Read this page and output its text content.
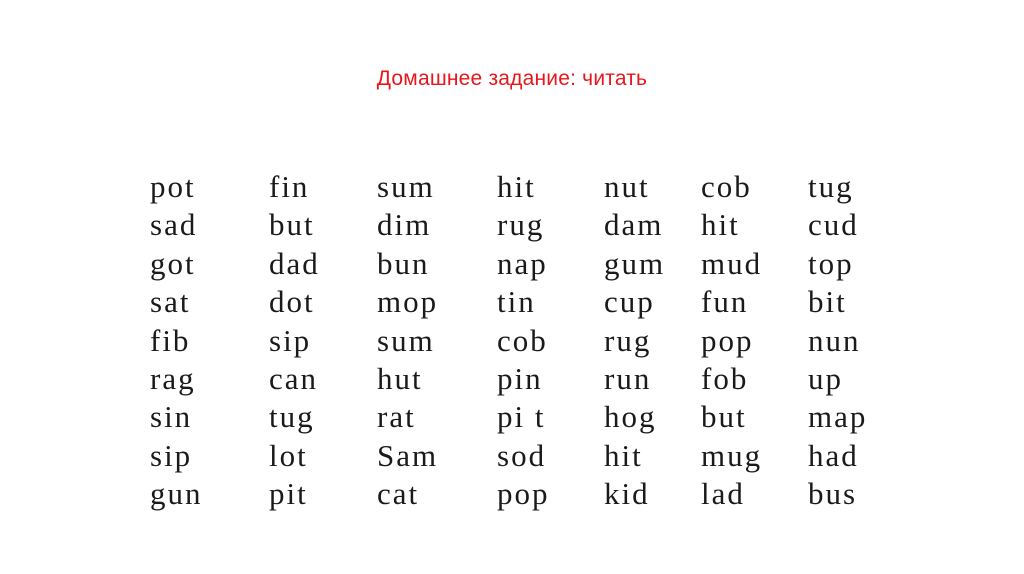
Домашнее задание: читать
pot	fin	sum	hit	nut	cob	tug
sad	but	dim	rug	dam	hit	cud
got	dad	bun	nap	gum	mud	top
sat	dot	mop	tin	cup	fun	bit
fib	sip	sum	cob	rug	pop	nun
rag	can	hut	pin	run	fob	up
sin	tug	rat	pi t	hog	but	map
sip	lot	Sam	sod	hit	mug	had
gun	pit	cat	pop	kid	lad	bus
